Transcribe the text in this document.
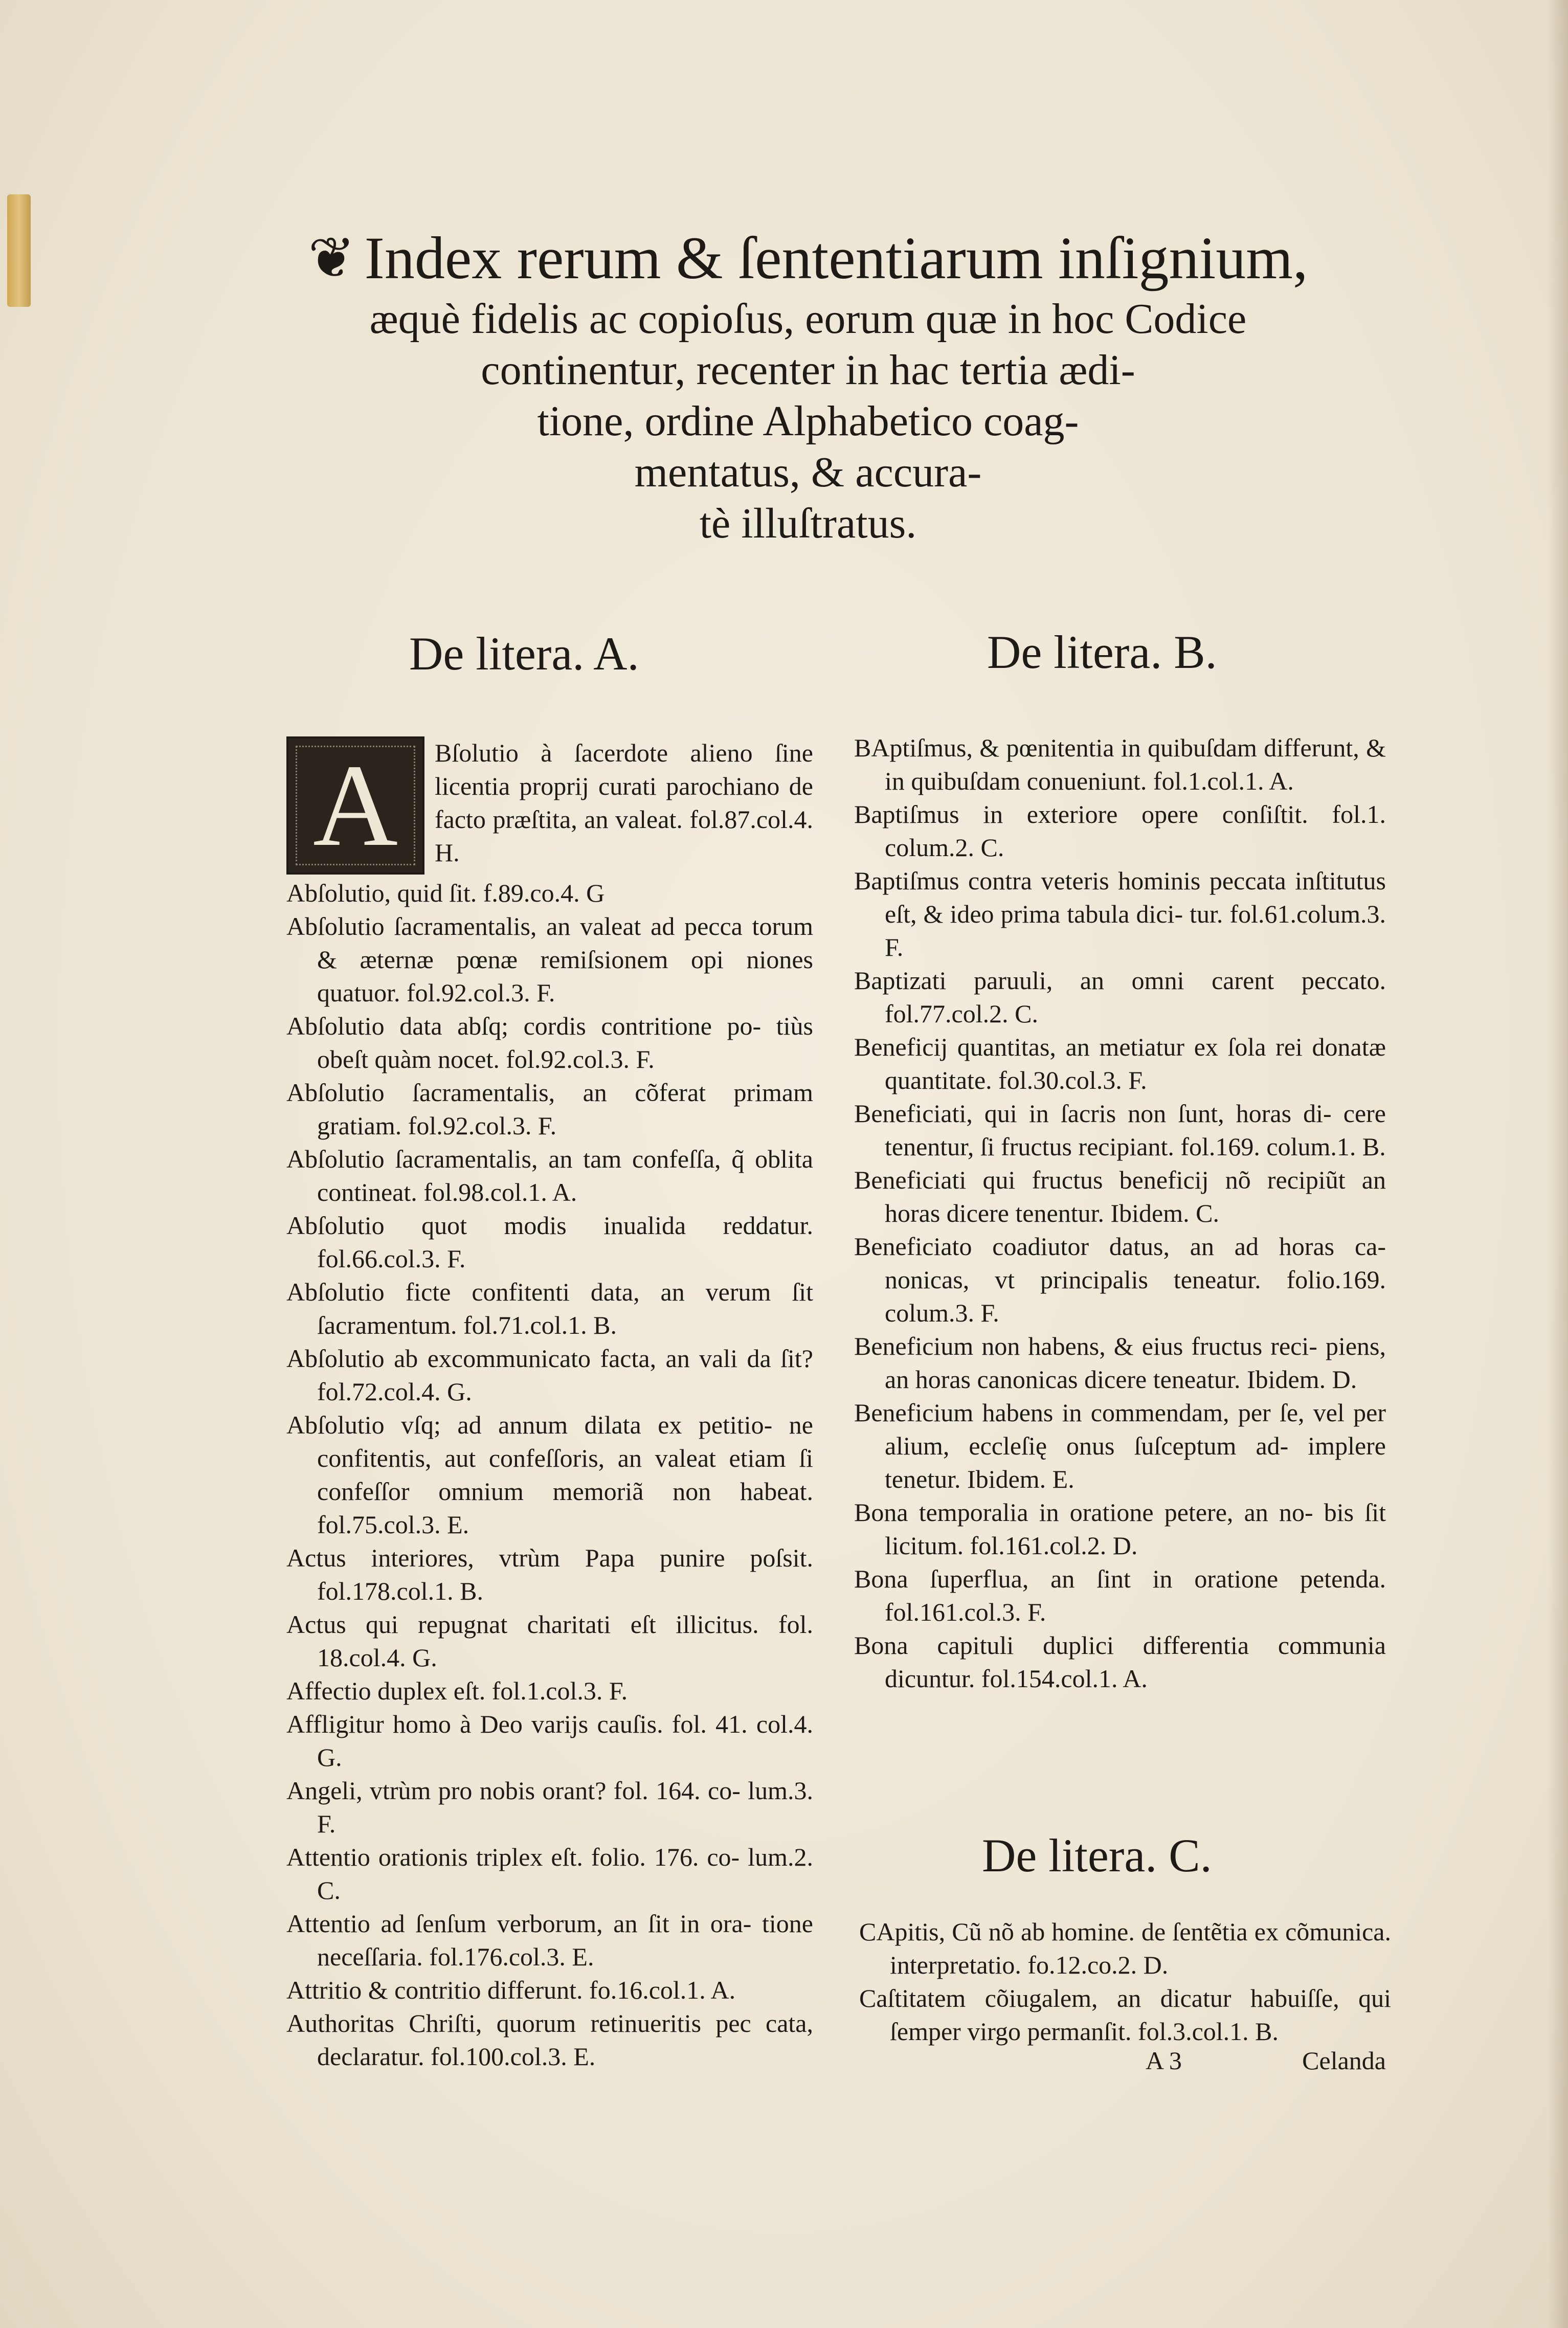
❦ Index rerum & ſententiarum inſignium,
æquè fidelis ac copioſus, eorum quæ in hoc Codice
continentur, recenter in hac tertia ædi-
tione, ordine Alphabetico coag-
mentatus, & accura-
tè illuſtratus.
De litera. A.	De litera. B.
De litera. C.
A	Bſolutio à ſacerdote alieno ſine licentia proprij curati parochiano de facto præſtita, an valeat. fol.87.col.4. H.
Abſolutio, quid ſit. f.89.co.4. G
Abſolutio ſacramentalis, an valeat ad pecca torum & æternæ pœnæ remiſsionem opi niones quatuor. fol.92.col.3. F.
Abſolutio data abſq; cordis contritione po- tiùs obeſt quàm nocet. fol.92.col.3. F.
Abſolutio ſacramentalis, an cõferat primam gratiam. fol.92.col.3. F.
Abſolutio ſacramentalis, an tam confeſſa, q̃ oblita contineat. fol.98.col.1. A.
Abſolutio quot modis inualida reddatur. fol.66.col.3. F.
Abſolutio ficte confitenti data, an verum ſit ſacramentum. fol.71.col.1. B.
Abſolutio ab excommunicato facta, an vali da ſit? fol.72.col.4. G.
Abſolutio vſq; ad annum dilata ex petitio- ne confitentis, aut confeſſoris, an valeat etiam ſi confeſſor omnium memoriã non habeat. fol.75.col.3. E.
Actus interiores, vtrùm Papa punire poſsit. fol.178.col.1. B.
Actus qui repugnat charitati eſt illicitus. fol. 18.col.4. G.
Affectio duplex eſt. fol.1.col.3. F.
Affligitur homo à Deo varijs cauſis. fol. 41. col.4. G.
Angeli, vtrùm pro nobis orant? fol. 164. co- lum.3. F.
Attentio orationis triplex eſt. folio. 176. co- lum.2. C.
Attentio ad ſenſum verborum, an ſit in ora- tione neceſſaria. fol.176.col.3. E.
Attritio & contritio differunt. fo.16.col.1. A.
Authoritas Chriſti, quorum retinueritis pec cata, declaratur. fol.100.col.3. E.
BAptiſmus, & pœnitentia in quibuſdam differunt, & in quibuſdam conueniunt. fol.1.col.1. A.
Baptiſmus in exteriore opere conſiſtit. fol.1. colum.2. C.
Baptiſmus contra veteris hominis peccata inſtitutus eſt, & ideo prima tabula dici- tur. fol.61.colum.3. F.
Baptizati paruuli, an omni carent peccato. fol.77.col.2. C.
Beneficij quantitas, an metiatur ex ſola rei donatæ quantitate. fol.30.col.3. F.
Beneficiati, qui in ſacris non ſunt, horas di- cere tenentur, ſi fructus recipiant. fol.169. colum.1. B.
Beneficiati qui fructus beneficij nõ recipiũt an horas dicere tenentur. Ibidem. C.
Beneficiato coadiutor datus, an ad horas ca- nonicas, vt principalis teneatur. folio.169. colum.3. F.
Beneficium non habens, & eius fructus reci- piens, an horas canonicas dicere teneatur. Ibidem. D.
Beneficium habens in commendam, per ſe, vel per alium, eccleſię onus ſuſceptum ad- implere tenetur. Ibidem. E.
Bona temporalia in oratione petere, an no- bis ſit licitum. fol.161.col.2. D.
Bona ſuperflua, an ſint in oratione petenda. fol.161.col.3. F.
Bona capituli duplici differentia communia dicuntur. fol.154.col.1. A.
CApitis, Cũ nõ ab homine. de ſentẽtia ex cõmunica. interpretatio. fo.12.co.2. D.
Caſtitatem cõiugalem, an dicatur habuiſſe, qui ſemper virgo permanſit. fol.3.col.1. B.
A 3	Celanda
